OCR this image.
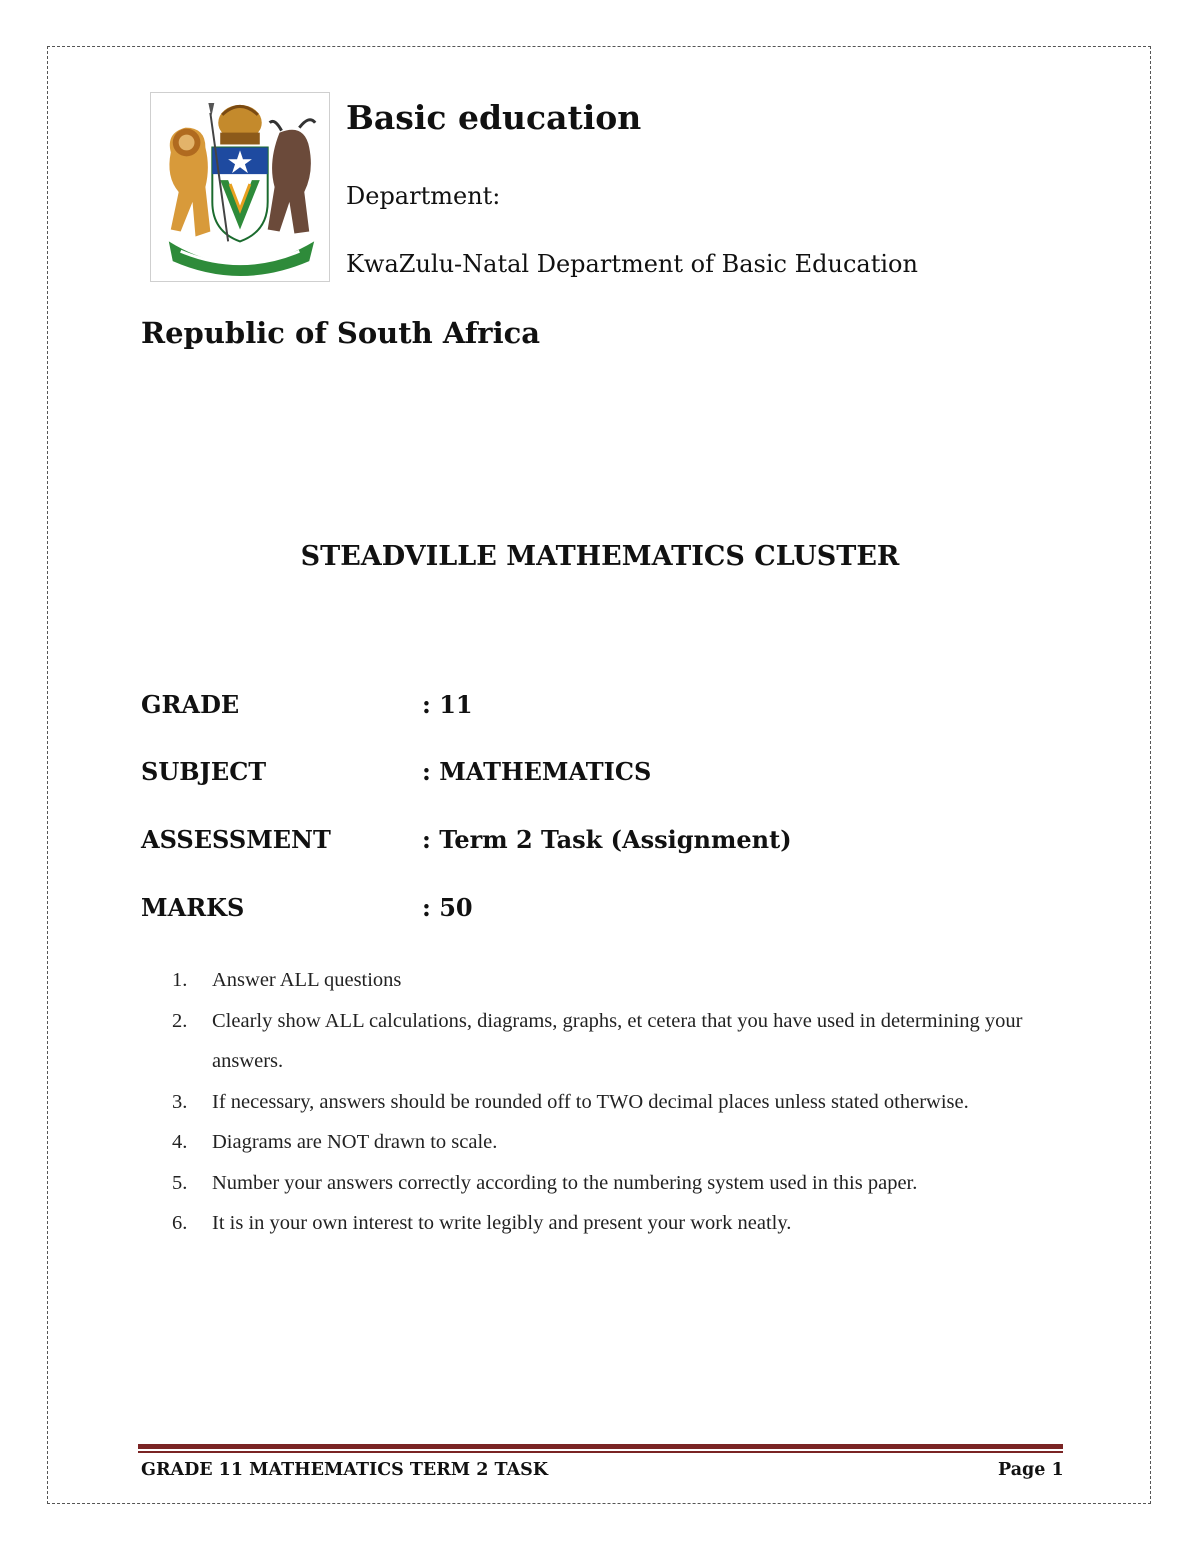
Basic education
Department:
KwaZulu-Natal Department of Basic Education
Republic of South Africa
STEADVILLE MATHEMATICS CLUSTER
GRADE	: 11
SUBJECT	: MATHEMATICS
ASSESSMENT	: Term 2 Task (Assignment)
MARKS	: 50
1.	Answer ALL questions
2.	Clearly show ALL calculations, diagrams, graphs, et cetera that you have used in determining your answers.
3.	If necessary, answers should be rounded off to TWO decimal places unless stated otherwise.
4.	Diagrams are NOT drawn to scale.
5.	Number your answers correctly according to the numbering system used in this paper.
6.	It is in your own interest to write legibly and present your work neatly.
GRADE 11 MATHEMATICS TERM 2 TASK	Page 1
